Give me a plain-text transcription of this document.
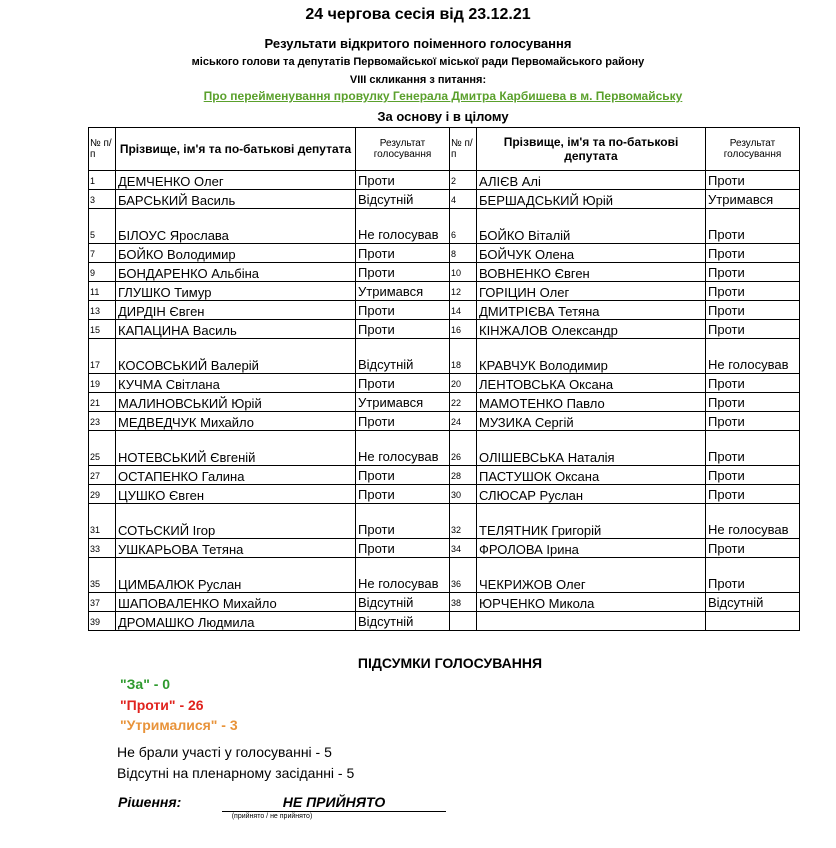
24 чергова сесія від 23.12.21
Результати відкритого поіменного голосування
міського голови та депутатів Первомайської міської ради Первомайського району
VIII скликання з питання:
Про перейменування провулку Генерала Дмитра Карбишева в м. Первомайську
За основу і в цілому
№ п/п	Прізвище, ім'я та по-батькові депутата	Результат голосування	№ п/п	Прізвище, ім'я та по-батькові депутата	Результат голосування
1	ДЕМЧЕНКО Олег	Проти	2	АЛІЄВ Алі	Проти
3	БАРСЬКИЙ Василь	Відсутній	4	БЕРШАДСЬКИЙ Юрій	Утримався
5	БІЛОУС Ярослава	Не голосував	6	БОЙКО Віталій	Проти
7	БОЙКО Володимир	Проти	8	БОЙЧУК Олена	Проти
9	БОНДАРЕНКО Альбіна	Проти	10	ВОВНЕНКО Євген	Проти
11	ГЛУШКО Тимур	Утримався	12	ГОРІЦИН Олег	Проти
13	ДИРДІН Євген	Проти	14	ДМИТРІЄВА Тетяна	Проти
15	КАПАЦИНА Василь	Проти	16	КІНЖАЛОВ Олександр	Проти
17	КОСОВСЬКИЙ Валерій	Відсутній	18	КРАВЧУК Володимир	Не голосував
19	КУЧМА Світлана	Проти	20	ЛЕНТОВСЬКА Оксана	Проти
21	МАЛИНОВСЬКИЙ Юрій	Утримався	22	МАМОТЕНКО Павло	Проти
23	МЕДВЕДЧУК Михайло	Проти	24	МУЗИКА Сергій	Проти
25	НОТЕВСЬКИЙ Євгеній	Не голосував	26	ОЛІШЕВСЬКА Наталія	Проти
27	ОСТАПЕНКО Галина	Проти	28	ПАСТУШОК Оксана	Проти
29	ЦУШКО Євген	Проти	30	СЛЮСАР Руслан	Проти
31	СОТЬСКИЙ Ігор	Проти	32	ТЕЛЯТНИК Григорій	Не голосував
33	УШКАРЬОВА Тетяна	Проти	34	ФРОЛОВА Ірина	Проти
35	ЦИМБАЛЮК Руслан	Не голосував	36	ЧЕКРИЖОВ Олег	Проти
37	ШАПОВАЛЕНКО Михайло	Відсутній	38	ЮРЧЕНКО Микола	Відсутній
39	ДРОМАШКО Людмила	Відсутній			
ПІДСУМКИ ГОЛОСУВАННЯ
"За" - 0
"Проти" - 26
"Утрималися" - 3
Не брали участі у голосуванні - 5
Відсутні на пленарному засіданні - 5
Рішення:	НЕ ПРИЙНЯТО
(прийнято / не прийнято)
